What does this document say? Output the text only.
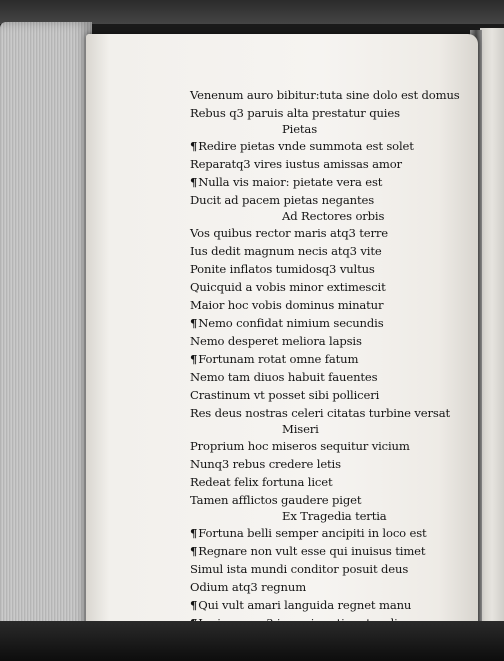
Venenum auro bibitur:tuta sine dolo est domus
Rebus q3 paruis alta prestatur quies
Pietas
¶Redire pietas vnde summota est solet
Reparatq3 vires iustus amissas amor
¶Nulla vis maior: pietate vera est
Ducit ad pacem pietas negantes
Ad Rectores orbis
Vos quibus rector maris atq3 terre
Ius dedit magnum necis atq3 vite
Ponite inflatos tumidosq3 vultus
Quicquid a vobis minor extimescit
Maior hoc vobis dominus minatur
¶Nemo confidat nimium secundis
Nemo desperet meliora lapsis
¶Fortunam rotat omne fatum
Nemo tam diuos habuit fauentes
Crastinum vt posset sibi polliceri
Res deus nostras celeri citatas turbine versat
Miseri
Proprium hoc miseros sequitur vicium
Nunq3 rebus credere letis
Redeat felix fortuna licet
Tamen afflictos gaudere piget
Ex Tragedia tertia
¶Fortuna belli semper ancipiti in loco est
¶Regnare non vult esse qui inuisus timet
Simul ista mundi conditor posuit deus
Odium atq3 regnum
¶Qui vult amari languida regnet manu
